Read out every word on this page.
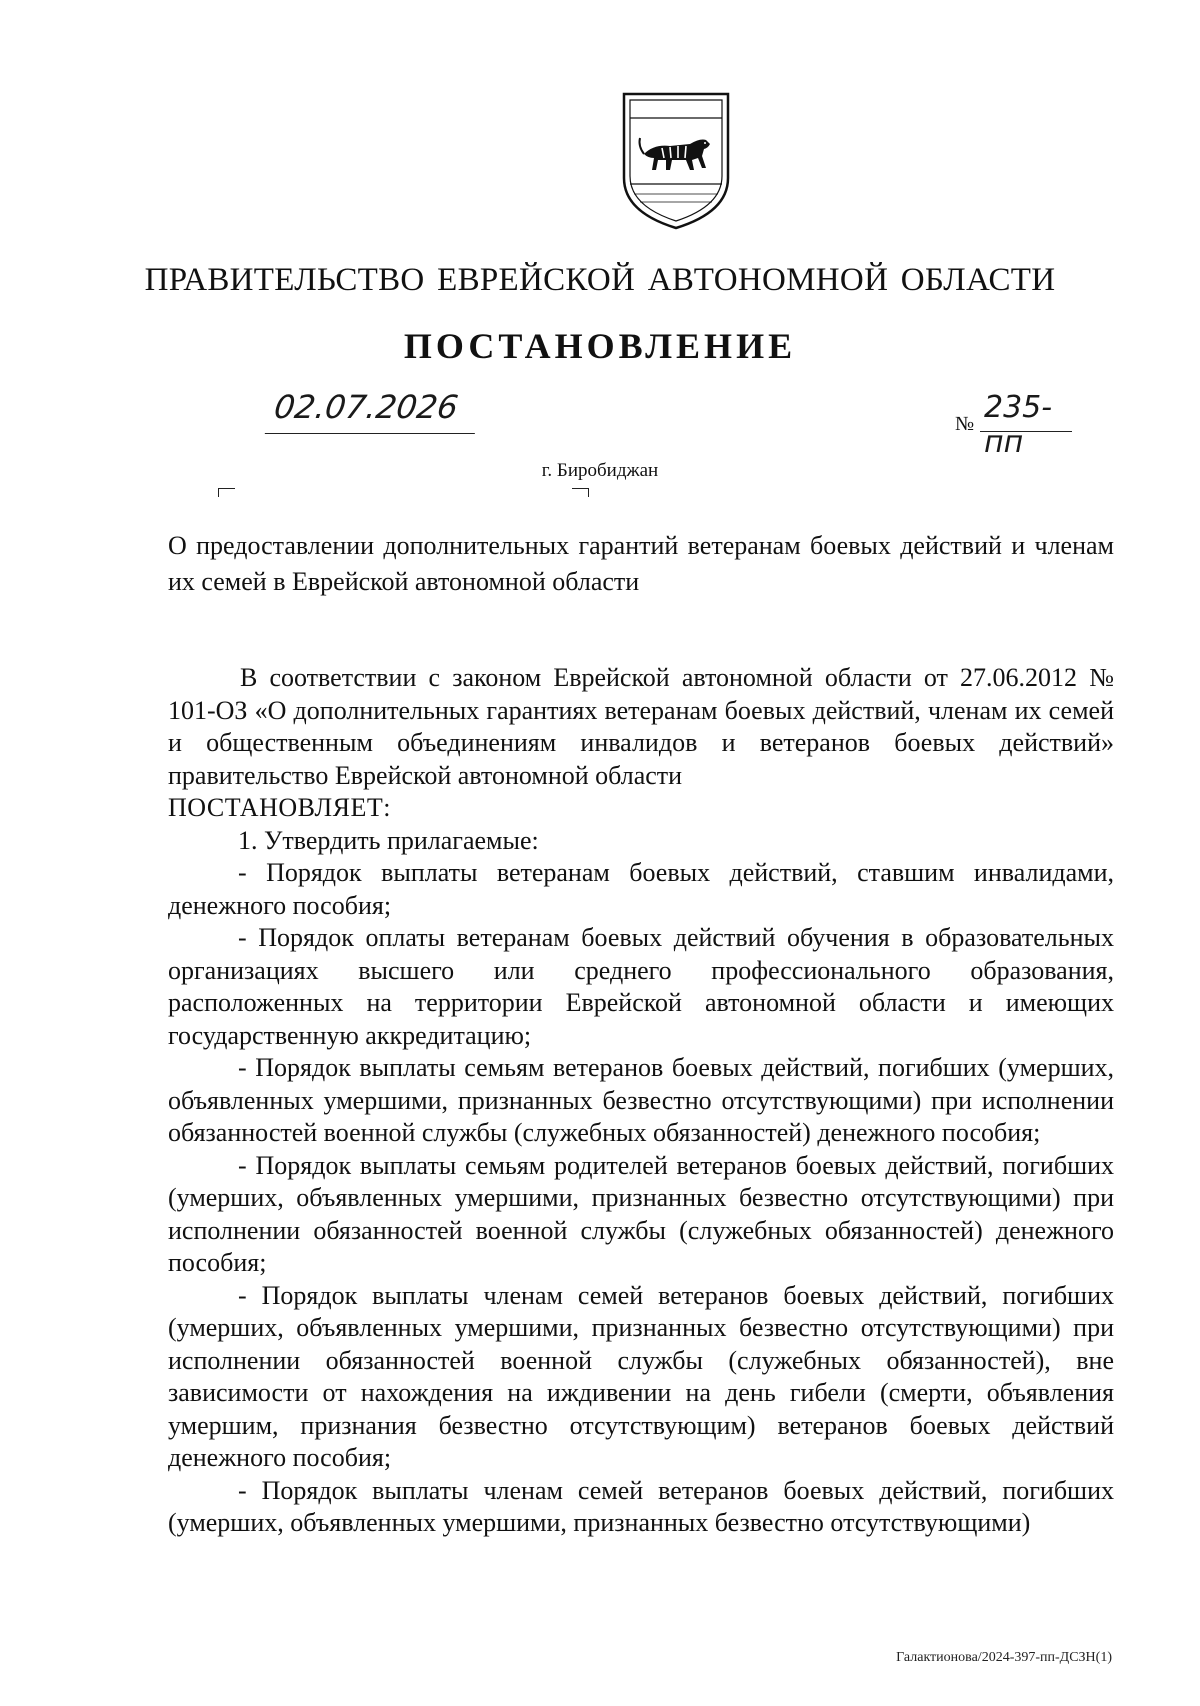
ПРАВИТЕЛЬСТВО ЕВРЕЙСКОЙ АВТОНОМНОЙ ОБЛАСТИ
ПОСТАНОВЛЕНИЕ
02.07.2026	№ 235-пп
г. Биробиджан
О предоставлении дополнительных гарантий ветеранам боевых действий и членам их семей в Еврейской автономной области

В соответствии с законом Еврейской автономной области от 27.06.2012 № 101-ОЗ «О дополнительных гарантиях ветеранам боевых действий, членам их семей и общественным объединениям инвалидов и ветеранов боевых действий» правительство Еврейской автономной области

ПОСТАНОВЛЯЕТ:

1. Утвердить прилагаемые:

- Порядок выплаты ветеранам боевых действий, ставшим инвалидами, денежного пособия;

- Порядок оплаты ветеранам боевых действий обучения в образовательных организациях высшего или среднего профессионального образования, расположенных на территории Еврейской автономной области и имеющих государственную аккредитацию;

- Порядок выплаты семьям ветеранов боевых действий, погибших (умерших, объявленных умершими, признанных безвестно отсутствующими) при исполнении обязанностей военной службы (служебных обязанностей) денежного пособия;

- Порядок выплаты семьям родителей ветеранов боевых действий, погибших (умерших, объявленных умершими, признанных безвестно отсутствующими) при исполнении обязанностей военной службы (служебных обязанностей) денежного пособия;

- Порядок выплаты членам семей ветеранов боевых действий, погибших (умерших, объявленных умершими, признанных безвестно отсутствующими) при исполнении обязанностей военной службы (служебных обязанностей), вне зависимости от нахождения на иждивении на день гибели (смерти, объявления умершим, признания безвестно отсутствующим) ветеранов боевых действий денежного пособия;

- Порядок выплаты членам семей ветеранов боевых действий, погибших (умерших, объявленных умершими, признанных безвестно отсутствующими)

Галактионова/2024-397-пп-ДСЗН(1)
